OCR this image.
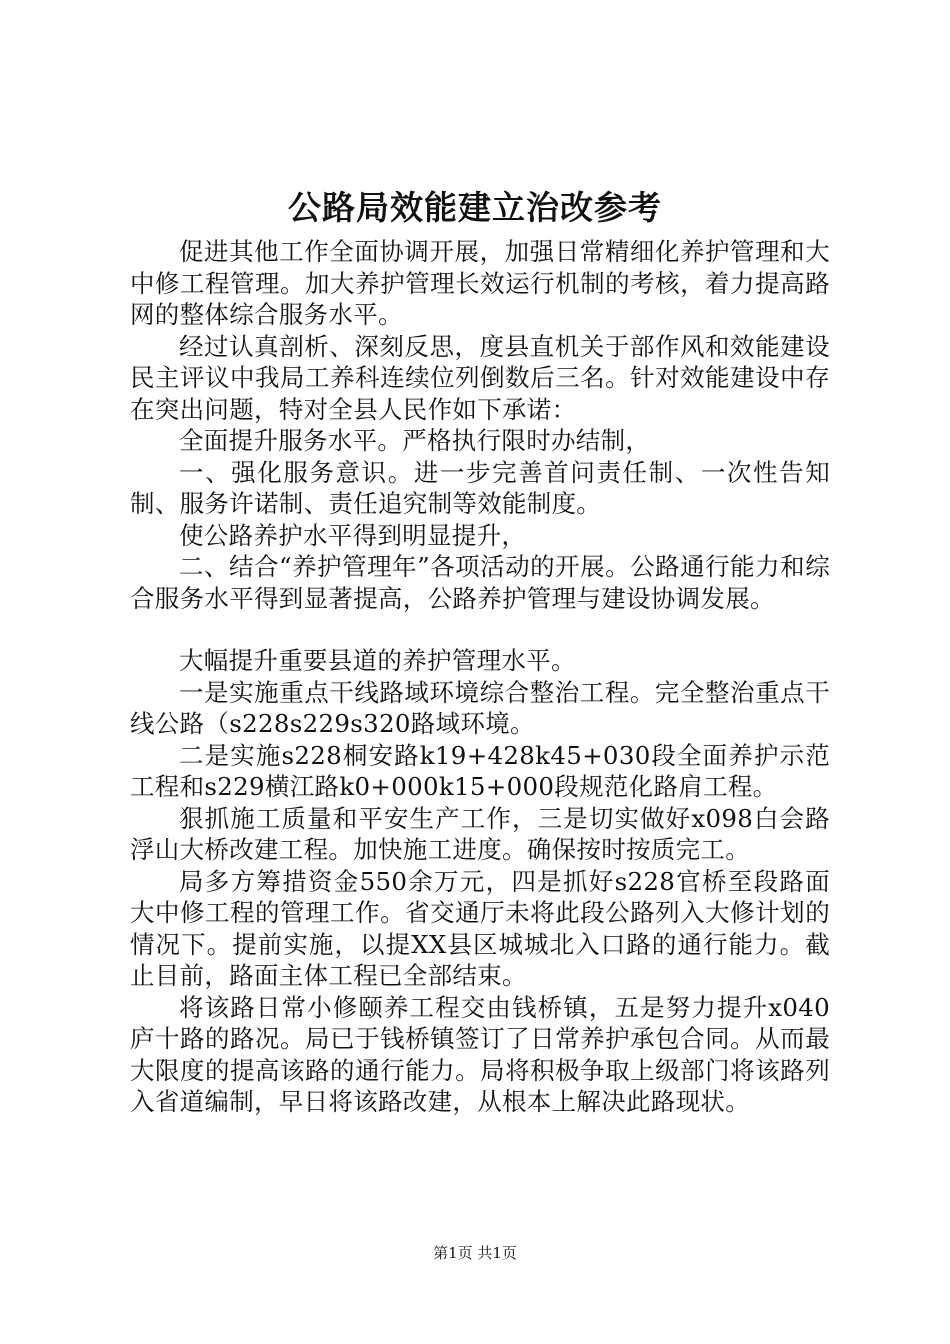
公路局效能建立治改参考

促进其他工作全面协调开展，加强日常精细化养护管理和大中修工程管理。加大养护管理长效运行机制的考核，着力提高路网的整体综合服务水平。

经过认真剖析、深刻反思，度县直机关于部作风和效能建设民主评议中我局工养科连续位列倒数后三名。针对效能建设中存在突出问题，特对全县人民作如下承诺：

全面提升服务水平。严格执行限时办结制，

一、强化服务意识。进一步完善首问责任制、一次性告知制、服务许诺制、责任追究制等效能制度。

使公路养护水平得到明显提升，

二、结合“养护管理年”各项活动的开展。公路通行能力和综合服务水平得到显著提高，公路养护管理与建设协调发展。

大幅提升重要县道的养护管理水平。

一是实施重点干线路域环境综合整治工程。完全整治重点干线公路（s228s229s320路域环境。

二是实施s228桐安路k19+428k45+030段全面养护示范工程和s229横江路k0+000k15+000段规范化路肩工程。

狠抓施工质量和平安生产工作，三是切实做好x098白会路浮山大桥改建工程。加快施工进度。确保按时按质完工。

局多方筹措资金550余万元，四是抓好s228官桥至段路面大中修工程的管理工作。省交通厅未将此段公路列入大修计划的情况下。提前实施，以提XX县区城城北入口路的通行能力。截止目前，路面主体工程已全部结束。

将该路日常小修颐养工程交由钱桥镇，五是努力提升x040庐十路的路况。局已于钱桥镇签订了日常养护承包合同。从而最大限度的提高该路的通行能力。局将积极争取上级部门将该路列入省道编制，早日将该路改建，从根本上解决此路现状。

第1页 共1页
